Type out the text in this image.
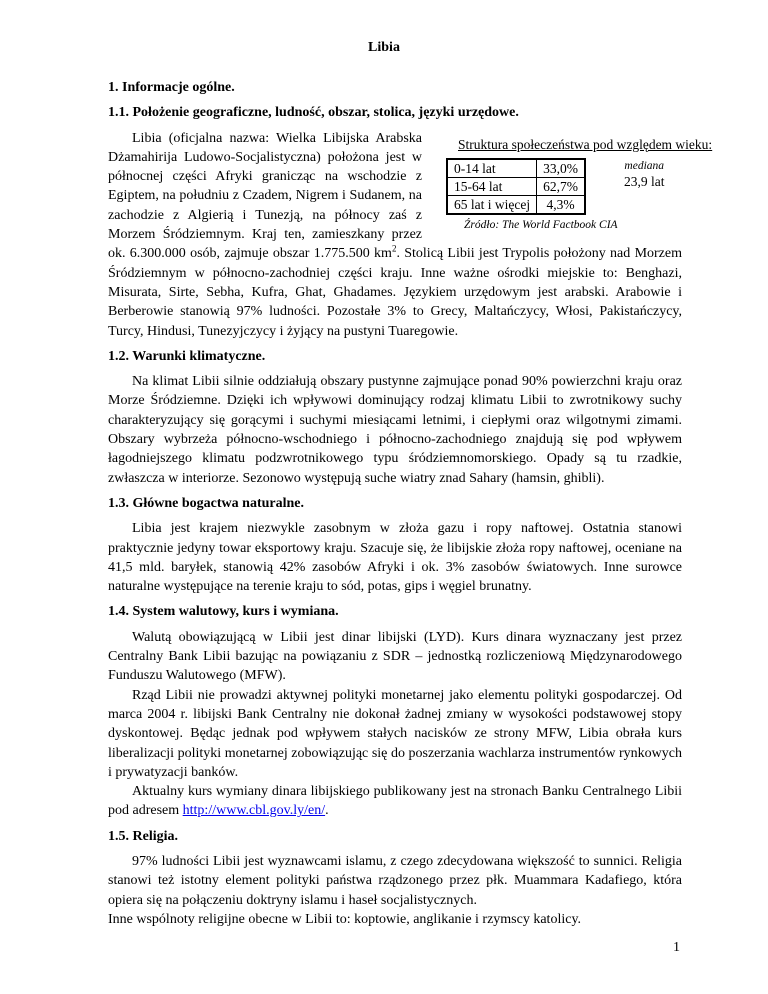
Libia
1. Informacje ogólne.
1.1. Położenie geograficzne, ludność, obszar, stolica, języki urzędowe.
Struktura społeczeństwa pod względem wieku:
0-14 lat	33,0%
15-64 lat	62,7%
65 lat i więcej	4,3%
mediana
23,9 lat
Źródło: The World Factbook CIA
Libia (oficjalna nazwa: Wielka Libijska Arabska Dżamahirija Ludowo-Socjalistyczna) położona jest w północnej części Afryki granicząc na wschodzie z Egiptem, na południu z Czadem, Nigrem i Sudanem, na zachodzie z Algierią i Tunezją, na północy zaś z Morzem Śródziemnym. Kraj ten, zamieszkany przez ok. 6.300.000 osób, zajmuje obszar 1.775.500 $km^2$. Stolicą Libii jest Trypolis położony nad Morzem Śródziemnym w północno-zachodniej części kraju. Inne ważne ośrodki miejskie to: Benghazi, Misurata, Sirte, Sebha, Kufra, Ghat, Ghadames. Językiem urzędowym jest arabski. Arabowie i Berberowie stanowią 97% ludności. Pozostałe 3% to Grecy, Maltańczycy, Włosi, Pakistańczycy, Turcy, Hindusi, Tunezyjczycy i żyjący na pustyni Tuaregowie.
1.2. Warunki klimatyczne.
Na klimat Libii silnie oddziałują obszary pustynne zajmujące ponad 90% powierzchni kraju oraz Morze Śródziemne. Dzięki ich wpływowi dominujący rodzaj klimatu Libii to zwrotnikowy suchy charakteryzujący się gorącymi i suchymi miesiącami letnimi, i ciepłymi oraz wilgotnymi zimami. Obszary wybrzeża północno-wschodniego i północno-zachodniego znajdują się pod wpływem łagodniejszego klimatu podzwrotnikowego typu śródziemnomorskiego. Opady są tu rzadkie, zwłaszcza w interiorze. Sezonowo występują suche wiatry znad Sahary (hamsin, ghibli).
1.3. Główne bogactwa naturalne.
Libia jest krajem niezwykle zasobnym w złoża gazu i ropy naftowej. Ostatnia stanowi praktycznie jedyny towar eksportowy kraju. Szacuje się, że libijskie złoża ropy naftowej, oceniane na 41,5 mld. baryłek, stanowią 42% zasobów Afryki i ok. 3% zasobów światowych. Inne surowce naturalne występujące na terenie kraju to sód, potas, gips i węgiel brunatny.
1.4. System walutowy, kurs i wymiana.
Walutą obowiązującą w Libii jest dinar libijski (LYD). Kurs dinara wyznaczany jest przez Centralny Bank Libii bazując na powiązaniu z SDR – jednostką rozliczeniową Międzynarodowego Funduszu Walutowego (MFW).
Rząd Libii nie prowadzi aktywnej polityki monetarnej jako elementu polityki gospodarczej. Od marca 2004 r. libijski Bank Centralny nie dokonał żadnej zmiany w wysokości podstawowej stopy dyskontowej. Będąc jednak pod wpływem stałych nacisków ze strony MFW, Libia obrała kurs liberalizacji polityki monetarnej zobowiązując się do poszerzania wachlarza instrumentów rynkowych i prywatyzacji banków.
Aktualny kurs wymiany dinara libijskiego publikowany jest na stronach Banku Centralnego Libii pod adresem http://www.cbl.gov.ly/en/.
1.5. Religia.
97% ludności Libii jest wyznawcami islamu, z czego zdecydowana większość to sunnici. Religia stanowi też istotny element polityki państwa rządzonego przez płk. Muammara Kadafiego, która opiera się na połączeniu doktryny islamu i haseł socjalistycznych.
Inne wspólnoty religijne obecne w Libii to: koptowie, anglikanie i rzymscy katolicy.
1
